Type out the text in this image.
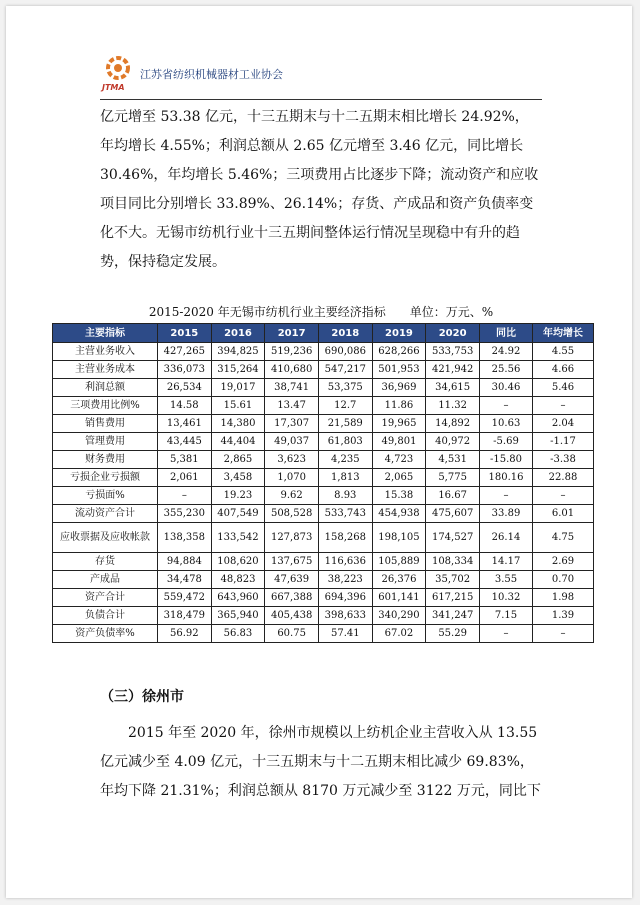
JTMA
江苏省纺织机械器材工业协会
亿元增至 53.38 亿元，十三五期末与十二五期末相比增长 24.92%，
年均增长 4.55%；利润总额从 2.65 亿元增至 3.46 亿元，同比增长
30.46%，年均增长 5.46%；三项费用占比逐步下降；流动资产和应收
项目同比分别增长 33.89%、26.14%；存货、产成品和资产负债率变
化不大。无锡市纺机行业十三五期间整体运行情况呈现稳中有升的趋
势，保持稳定发展。
2015-2020 年无锡市纺机行业主要经济指标　　单位：万元、%
主要指标	2015	2016	2017	2018	2019	2020	同比	年均增长
主营业务收入	427,265	394,825	519,236	690,086	628,266	533,753	24.92	4.55
主营业务成本	336,073	315,264	410,680	547,217	501,953	421,942	25.56	4.66
利润总额	26,534	19,017	38,741	53,375	36,969	34,615	30.46	5.46
三项费用比例%	14.58	15.61	13.47	12.7	11.86	11.32	–	–
销售费用	13,461	14,380	17,307	21,589	19,965	14,892	10.63	2.04
管理费用	43,445	44,404	49,037	61,803	49,801	40,972	-5.69	-1.17
财务费用	5,381	2,865	3,623	4,235	4,723	4,531	-15.80	-3.38
亏损企业亏损额	2,061	3,458	1,070	1,813	2,065	5,775	180.16	22.88
亏损面%	–	19.23	9.62	8.93	15.38	16.67	–	–
流动资产合计	355,230	407,549	508,528	533,743	454,938	475,607	33.89	6.01
应收票据及应收帐款	138,358	133,542	127,873	158,268	198,105	174,527	26.14	4.75
存货	94,884	108,620	137,675	116,636	105,889	108,334	14.17	2.69
产成品	34,478	48,823	47,639	38,223	26,376	35,702	3.55	0.70
资产合计	559,472	643,960	667,388	694,396	601,141	617,215	10.32	1.98
负债合计	318,479	365,940	405,438	398,633	340,290	341,247	7.15	1.39
资产负债率%	56.92	56.83	60.75	57.41	67.02	55.29	–	–
（三）徐州市
　　2015 年至 2020 年，徐州市规模以上纺机企业主营收入从 13.55
亿元减少至 4.09 亿元，十三五期末与十二五期末相比减少 69.83%，
年均下降 21.31%；利润总额从 8170 万元减少至 3122 万元，同比下
